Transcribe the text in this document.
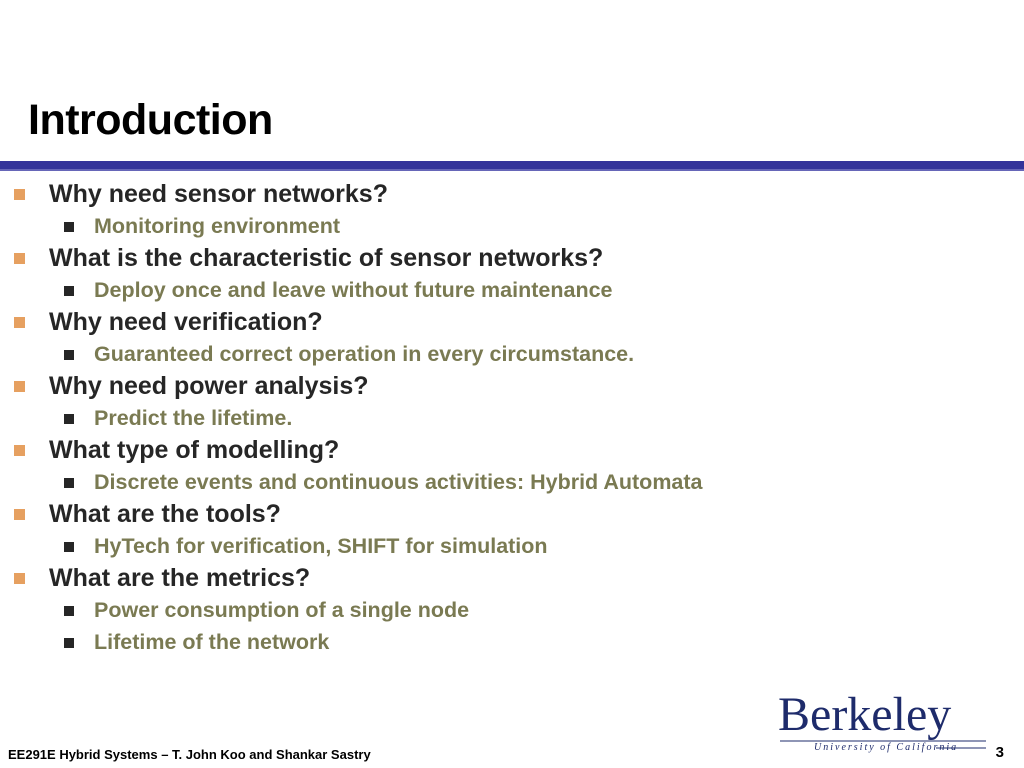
Introduction
Why need sensor networks?
Monitoring environment
What is the characteristic of sensor networks?
Deploy once and leave without future maintenance
Why need verification?
Guaranteed correct operation in every circumstance.
Why need power analysis?
Predict the lifetime.
What type of modelling?
Discrete events and continuous activities: Hybrid Automata
What are the tools?
HyTech for verification, SHIFT for simulation
What are the metrics?
Power consumption of a single node
Lifetime of the network
Berkeley
University of California
EE291E Hybrid Systems – T. John Koo and Shankar Sastry	3
